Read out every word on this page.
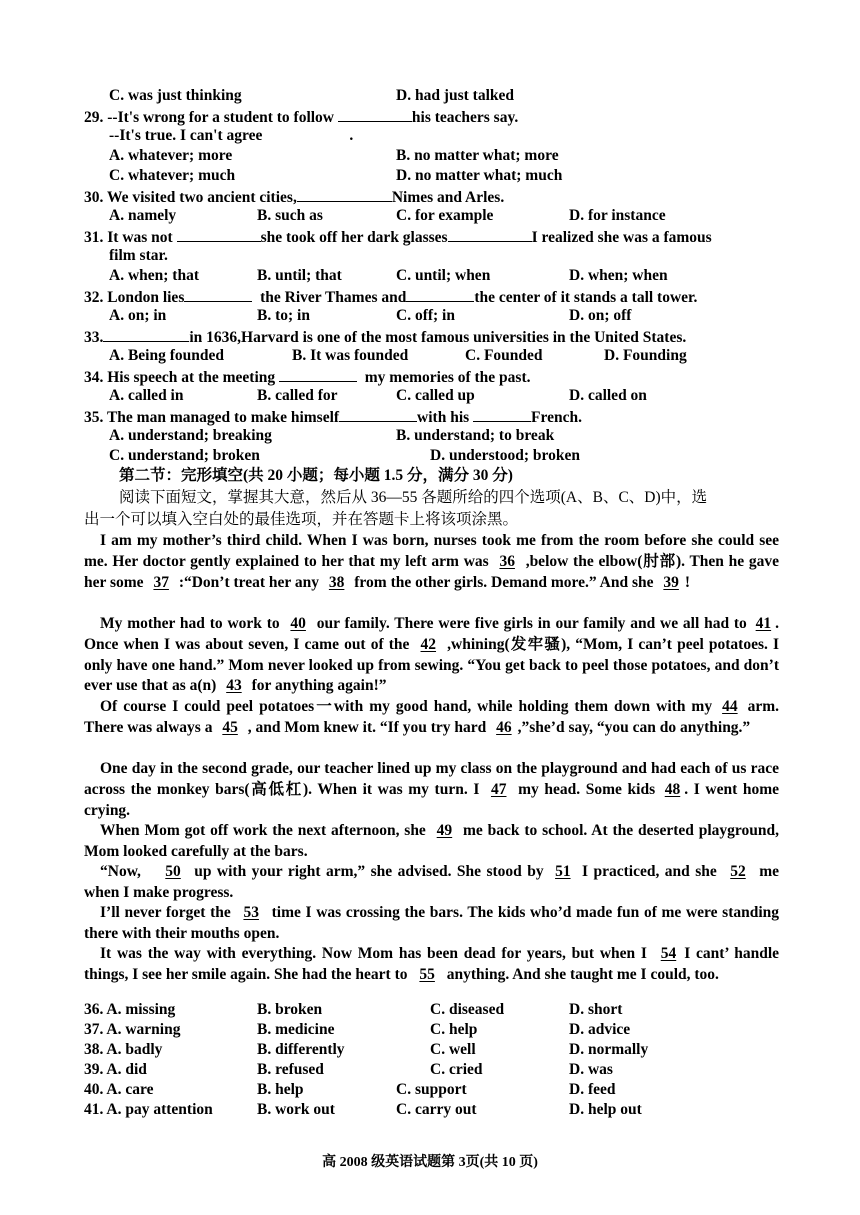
C. was just thinking	D. had just talked
29. --It's wrong for a student to follow	his teachers say.
--It's true. I can't agree	.
A. whatever; more	B. no matter what; more
C. whatever; much	D. no matter what; much
30. We visited two ancient cities,	Nimes and Arles.
A. namely	B. such as	C. for example	D. for instance
31. It was not	she took off her dark glasses	I realized she was a famous
film star.
A. when; that	B. until; that	C. until; when	D. when; when
32. London lies	the River Thames and	the center of it stands a tall tower.
A. on; in	B. to; in	C. off; in	D. on; off
33.	in 1636,Harvard is one of the most famous universities in the United States.
A. Being founded	B. It was founded	C. Founded	D. Founding
34. His speech at the meeting	my memories of the past.
A. called in	B. called for	C. called up	D. called on
35. The man managed to make himself	with his	French.
A. understand; breaking	B. understand; to break
C. understand; broken	D. understood; broken
第二节：完形填空(共 20 小题；每小题 1.5 分，满分 30 分)
阅读下面短文，掌握其大意，然后从 36—55 各题所给的四个选项(A、B、C、D)中，选
出一个可以填入空白处的最佳选项，并在答题卡上将该项涂黑。
I am my mother’s third child. When I was born, nurses took me from the room before she could see me. Her doctor gently explained to her that my left arm was 36 ,below the elbow(肘部). Then he gave her some 37 :“Don’t treat her any 38 from the other girls. Demand more.” And she 39 !
My mother had to work to 40 our family. There were five girls in our family and we all had to 41 . Once when I was about seven, I came out of the 42 ,whining(发牢骚), “Mom, I can’t peel potatoes. I only have one hand.” Mom never looked up from sewing. “You get back to peel those potatoes, and don’t ever use that as a(n) 43 for anything again!”
Of course I could peel potatoes一with my good hand, while holding them down with my 44 arm. There was always a 45 , and Mom knew it. “If you try hard 46 ,”she’d say, “you can do anything.”
One day in the second grade, our teacher lined up my class on the playground and had each of us race across the monkey bars(高低杠). When it was my turn. I 47 my head. Some kids 48 . I went home crying.
When Mom got off work the next afternoon, she 49 me back to school. At the deserted playground, Mom looked carefully at the bars.
“Now, 50 up with your right arm,” she advised. She stood by 51 I practiced, and she 52 me when I make progress.
I’ll never forget the 53 time I was crossing the bars. The kids who’d made fun of me were standing there with their mouths open.
It was the way with everything. Now Mom has been dead for years, but when I 54 I cant’ handle things, I see her smile again. She had the heart to 55 anything. And she taught me I could, too.
36. A. missing	B. broken	C. diseased	D. short
37. A. warning	B. medicine	C. help	D. advice
38. A. badly	B. differently	C. well	D. normally
39. A. did	B. refused	C. cried	D. was
40. A. care	B. help	C. support	D. feed
41. A. pay attention	B. work out	C. carry out	D. help out
高 2008 级英语试题第 3页(共 10 页)
